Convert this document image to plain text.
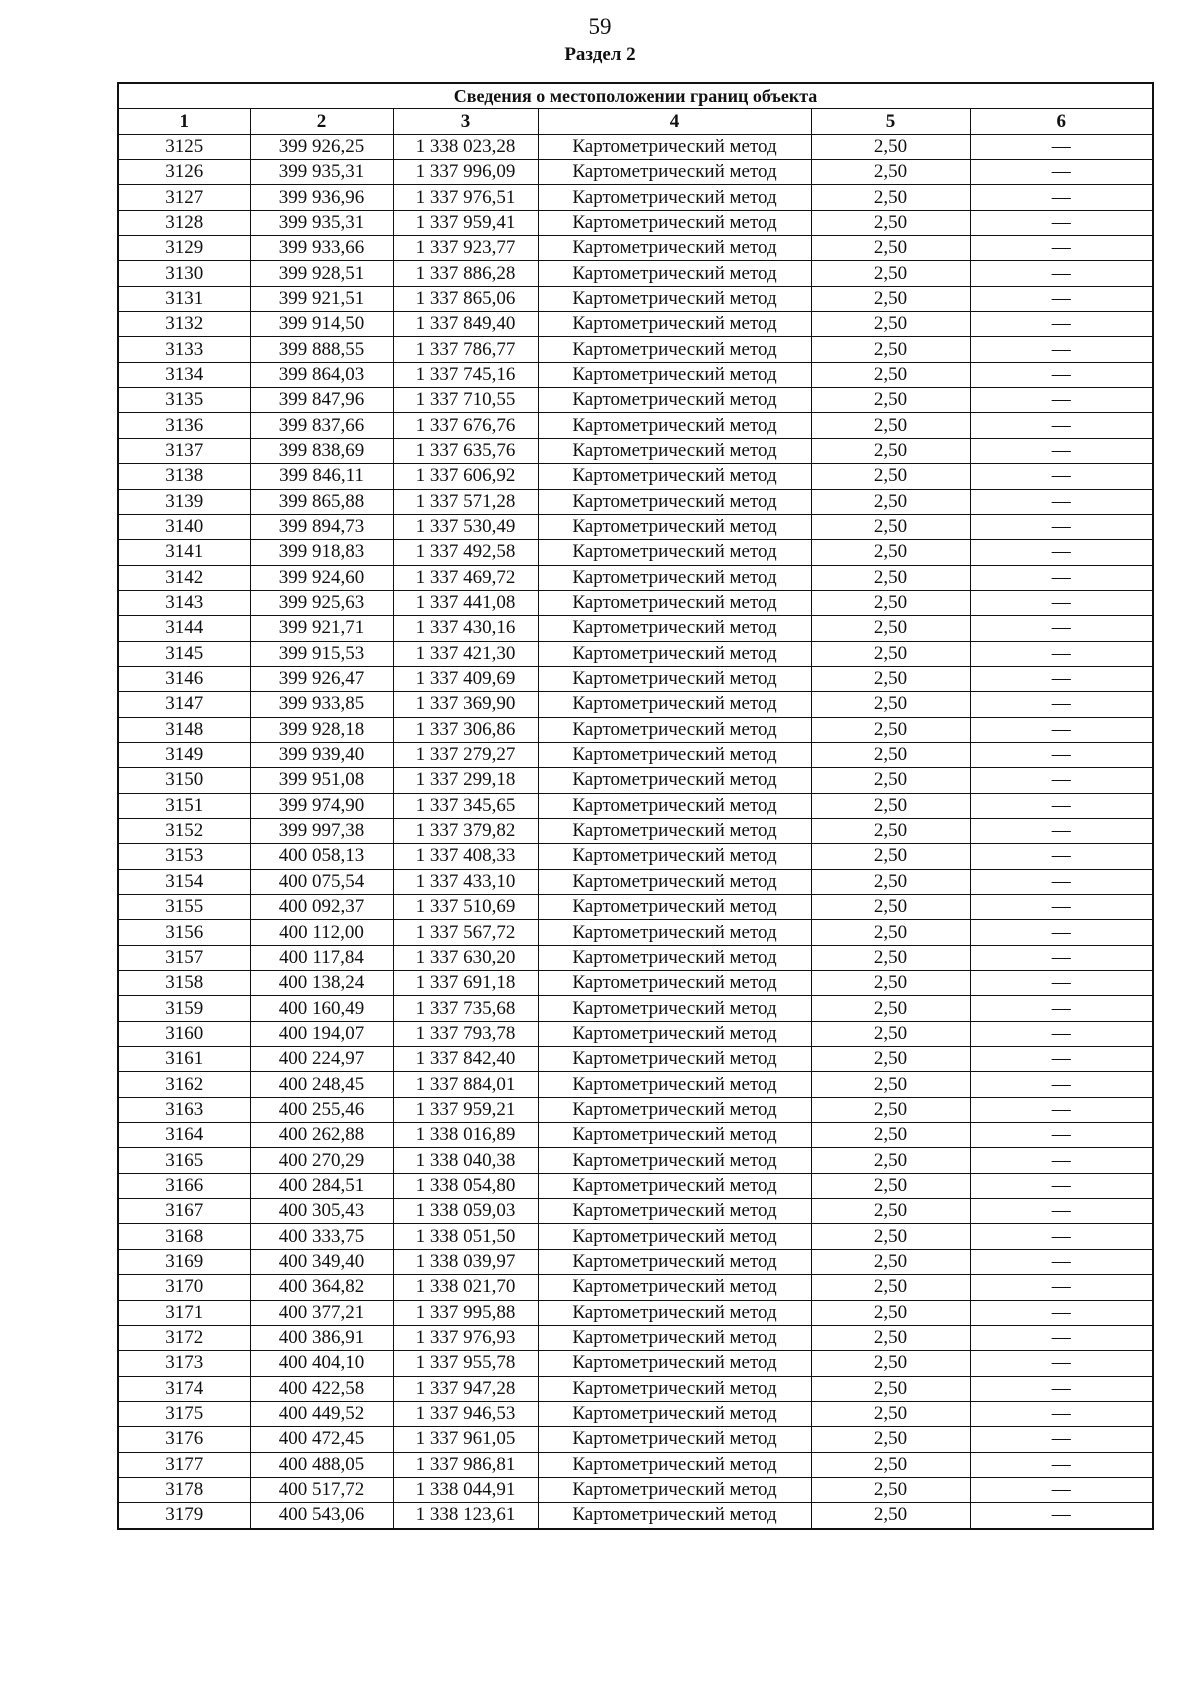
59
Раздел 2
Сведения о местоположении границ объекта					
1	2	3	4	5	6
3125	399 926,25	1 338 023,28	Картометрический метод	2,50	—
3126	399 935,31	1 337 996,09	Картометрический метод	2,50	—
3127	399 936,96	1 337 976,51	Картометрический метод	2,50	—
3128	399 935,31	1 337 959,41	Картометрический метод	2,50	—
3129	399 933,66	1 337 923,77	Картометрический метод	2,50	—
3130	399 928,51	1 337 886,28	Картометрический метод	2,50	—
3131	399 921,51	1 337 865,06	Картометрический метод	2,50	—
3132	399 914,50	1 337 849,40	Картометрический метод	2,50	—
3133	399 888,55	1 337 786,77	Картометрический метод	2,50	—
3134	399 864,03	1 337 745,16	Картометрический метод	2,50	—
3135	399 847,96	1 337 710,55	Картометрический метод	2,50	—
3136	399 837,66	1 337 676,76	Картометрический метод	2,50	—
3137	399 838,69	1 337 635,76	Картометрический метод	2,50	—
3138	399 846,11	1 337 606,92	Картометрический метод	2,50	—
3139	399 865,88	1 337 571,28	Картометрический метод	2,50	—
3140	399 894,73	1 337 530,49	Картометрический метод	2,50	—
3141	399 918,83	1 337 492,58	Картометрический метод	2,50	—
3142	399 924,60	1 337 469,72	Картометрический метод	2,50	—
3143	399 925,63	1 337 441,08	Картометрический метод	2,50	—
3144	399 921,71	1 337 430,16	Картометрический метод	2,50	—
3145	399 915,53	1 337 421,30	Картометрический метод	2,50	—
3146	399 926,47	1 337 409,69	Картометрический метод	2,50	—
3147	399 933,85	1 337 369,90	Картометрический метод	2,50	—
3148	399 928,18	1 337 306,86	Картометрический метод	2,50	—
3149	399 939,40	1 337 279,27	Картометрический метод	2,50	—
3150	399 951,08	1 337 299,18	Картометрический метод	2,50	—
3151	399 974,90	1 337 345,65	Картометрический метод	2,50	—
3152	399 997,38	1 337 379,82	Картометрический метод	2,50	—
3153	400 058,13	1 337 408,33	Картометрический метод	2,50	—
3154	400 075,54	1 337 433,10	Картометрический метод	2,50	—
3155	400 092,37	1 337 510,69	Картометрический метод	2,50	—
3156	400 112,00	1 337 567,72	Картометрический метод	2,50	—
3157	400 117,84	1 337 630,20	Картометрический метод	2,50	—
3158	400 138,24	1 337 691,18	Картометрический метод	2,50	—
3159	400 160,49	1 337 735,68	Картометрический метод	2,50	—
3160	400 194,07	1 337 793,78	Картометрический метод	2,50	—
3161	400 224,97	1 337 842,40	Картометрический метод	2,50	—
3162	400 248,45	1 337 884,01	Картометрический метод	2,50	—
3163	400 255,46	1 337 959,21	Картометрический метод	2,50	—
3164	400 262,88	1 338 016,89	Картометрический метод	2,50	—
3165	400 270,29	1 338 040,38	Картометрический метод	2,50	—
3166	400 284,51	1 338 054,80	Картометрический метод	2,50	—
3167	400 305,43	1 338 059,03	Картометрический метод	2,50	—
3168	400 333,75	1 338 051,50	Картометрический метод	2,50	—
3169	400 349,40	1 338 039,97	Картометрический метод	2,50	—
3170	400 364,82	1 338 021,70	Картометрический метод	2,50	—
3171	400 377,21	1 337 995,88	Картометрический метод	2,50	—
3172	400 386,91	1 337 976,93	Картометрический метод	2,50	—
3173	400 404,10	1 337 955,78	Картометрический метод	2,50	—
3174	400 422,58	1 337 947,28	Картометрический метод	2,50	—
3175	400 449,52	1 337 946,53	Картометрический метод	2,50	—
3176	400 472,45	1 337 961,05	Картометрический метод	2,50	—
3177	400 488,05	1 337 986,81	Картометрический метод	2,50	—
3178	400 517,72	1 338 044,91	Картометрический метод	2,50	—
3179	400 543,06	1 338 123,61	Картометрический метод	2,50	—
